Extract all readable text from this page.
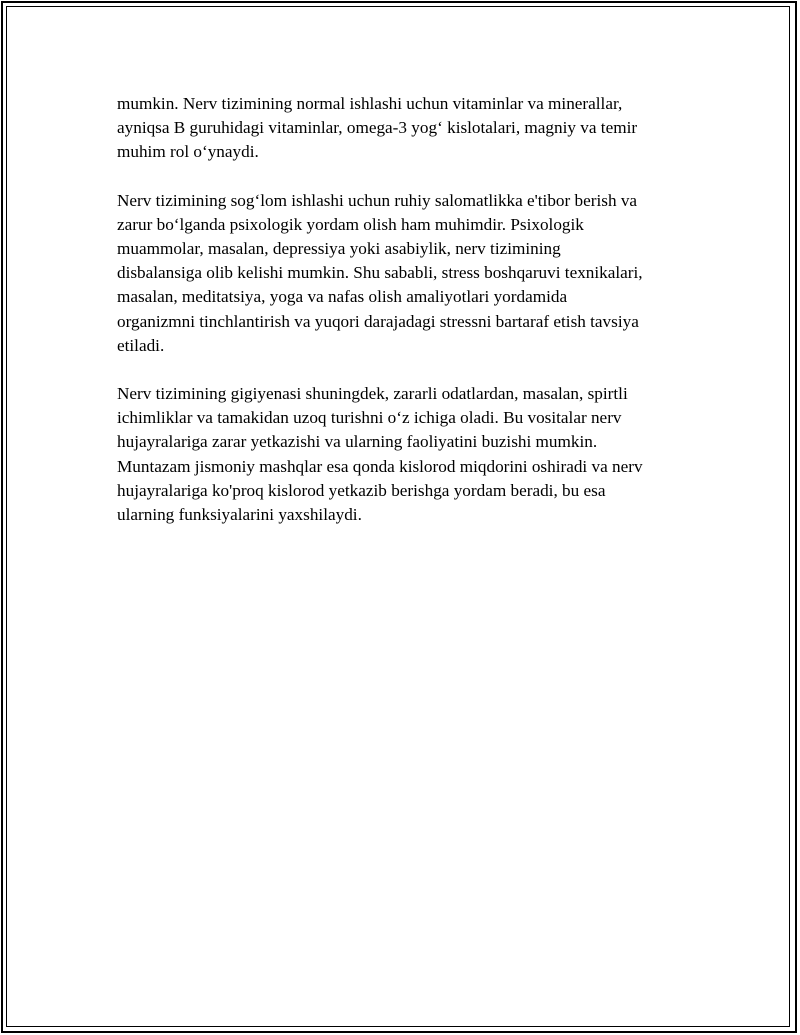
mumkin. Nerv tizimining normal ishlashi uchun vitaminlar va minerallar,
ayniqsa B guruhidagi vitaminlar, omega-3 yog‘ kislotalari, magniy va temir
muhim rol o‘ynaydi.

Nerv tizimining sog‘lom ishlashi uchun ruhiy salomatlikka e'tibor berish va
zarur bo‘lganda psixologik yordam olish ham muhimdir. Psixologik
muammolar, masalan, depressiya yoki asabiylik, nerv tizimining
disbalansiga olib kelishi mumkin. Shu sababli, stress boshqaruvi texnikalari,
masalan, meditatsiya, yoga va nafas olish amaliyotlari yordamida
organizmni tinchlantirish va yuqori darajadagi stressni bartaraf etish tavsiya
etiladi.

Nerv tizimining gigiyenasi shuningdek, zararli odatlardan, masalan, spirtli
ichimliklar va tamakidan uzoq turishni o‘z ichiga oladi. Bu vositalar nerv
hujayralariga zarar yetkazishi va ularning faoliyatini buzishi mumkin.
Muntazam jismoniy mashqlar esa qonda kislorod miqdorini oshiradi va nerv
hujayralariga ko'proq kislorod yetkazib berishga yordam beradi, bu esa
ularning funksiyalarini yaxshilaydi.
